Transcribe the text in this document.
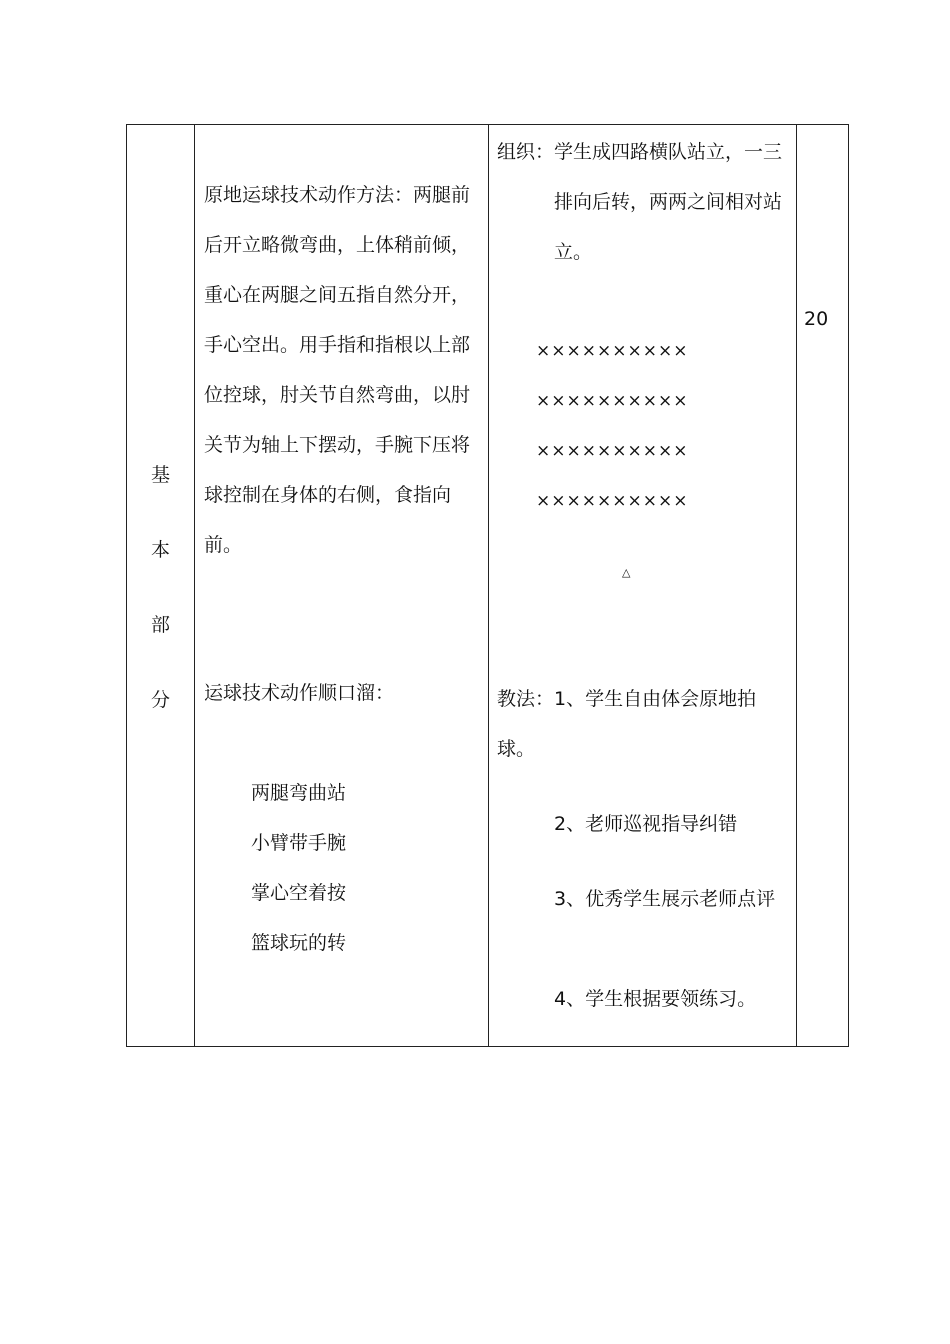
基
本
部
分
原地运球技术动作方法：两腿前
后开立略微弯曲，上体稍前倾，
重心在两腿之间五指自然分开，
手心空出。用手指和指根以上部
位控球，肘关节自然弯曲，以肘
关节为轴上下摆动，手腕下压将
球控制在身体的右侧，食指向
前。
运球技术动作顺口溜：
两腿弯曲站
小臂带手腕
掌心空着按
篮球玩的转
组织： 学生成四路横队站立，一三
排向后转，两两之间相对站
立。
××××××××××
××××××××××
××××××××××
××××××××××
△
教法： 1、学生自由体会原地拍
球。
2、老师巡视指导纠错
3、优秀学生展示老师点评
4、学生根据要领练习。
20
